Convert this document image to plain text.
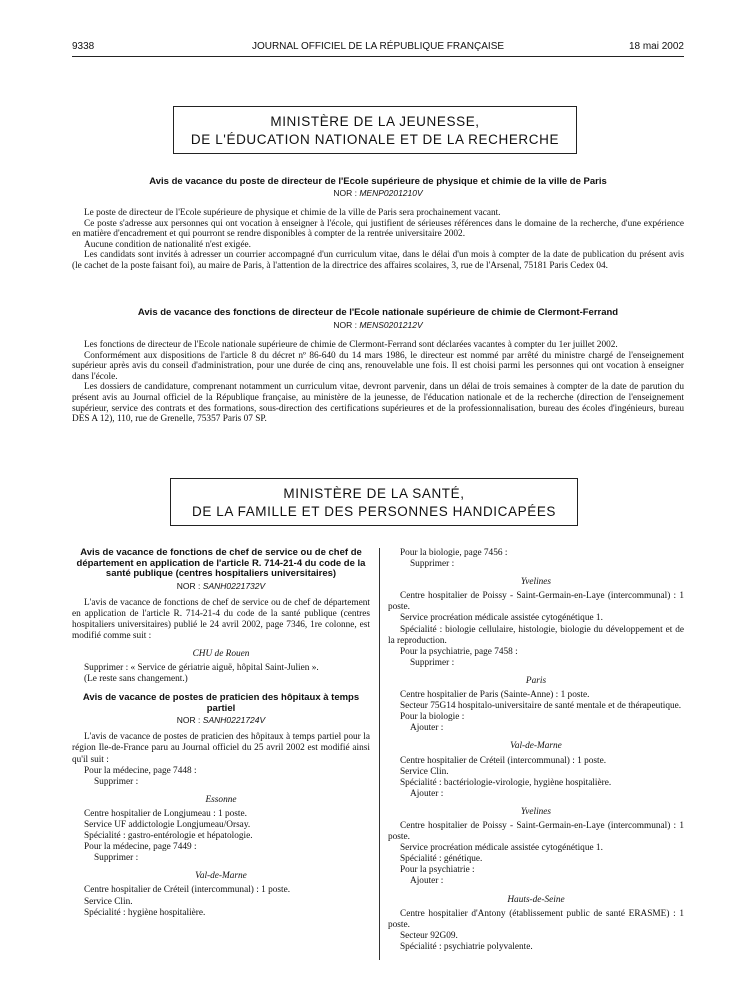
9338	JOURNAL OFFICIEL DE LA RÉPUBLIQUE FRANÇAISE	18 mai 2002
MINISTÈRE DE LA JEUNESSE,
DE L'ÉDUCATION NATIONALE ET DE LA RECHERCHE
Avis de vacance du poste de directeur de l'Ecole supérieure de physique et chimie de la ville de Paris
NOR : MENP0201210V

Le poste de directeur de l'Ecole supérieure de physique et chimie de la ville de Paris sera prochainement vacant.

Ce poste s'adresse aux personnes qui ont vocation à enseigner à l'école, qui justifient de sérieuses références dans le domaine de la recherche, d'une expérience en matière d'encadrement et qui pourront se rendre disponibles à compter de la rentrée universitaire 2002.

Aucune condition de nationalité n'est exigée.

Les candidats sont invités à adresser un courrier accompagné d'un curriculum vitae, dans le délai d'un mois à compter de la date de publication du présent avis (le cachet de la poste faisant foi), au maire de Paris, à l'attention de la directrice des affaires scolaires, 3, rue de l'Arsenal, 75181 Paris Cedex 04.

Avis de vacance des fonctions de directeur de l'Ecole nationale supérieure de chimie de Clermont-Ferrand
NOR : MENS0201212V

Les fonctions de directeur de l'Ecole nationale supérieure de chimie de Clermont-Ferrand sont déclarées vacantes à compter du 1er juillet 2002.

Conformément aux dispositions de l'article 8 du décret nº 86-640 du 14 mars 1986, le directeur est nommé par arrêté du ministre chargé de l'enseignement supérieur après avis du conseil d'administration, pour une durée de cinq ans, renouvelable une fois. Il est choisi parmi les personnes qui ont vocation à enseigner dans l'école.

Les dossiers de candidature, comprenant notamment un curriculum vitae, devront parvenir, dans un délai de trois semaines à compter de la date de parution du présent avis au Journal officiel de la République française, au ministère de la jeunesse, de l'éducation nationale et de la recherche (direction de l'enseignement supérieur, service des contrats et des formations, sous-direction des certifications supérieures et de la professionnalisation, bureau des écoles d'ingénieurs, bureau DES A 12), 110, rue de Grenelle, 75357 Paris 07 SP.

MINISTÈRE DE LA SANTÉ,
DE LA FAMILLE ET DES PERSONNES HANDICAPÉES
Avis de vacance de fonctions de chef de service ou de chef de département en application de l'article R. 714-21-4 du code de la santé publique (centres hospitaliers universitaires)
NOR : SANH0221732V

L'avis de vacance de fonctions de chef de service ou de chef de département en application de l'article R. 714-21-4 du code de la santé publique (centres hospitaliers universitaires) publié le 24 avril 2002, page 7346, 1re colonne, est modifié comme suit :

CHU de Rouen

Supprimer : « Service de gériatrie aiguë, hôpital Saint-Julien ».

(Le reste sans changement.)

Avis de vacance de postes de praticien des hôpitaux à temps partiel
NOR : SANH0221724V

L'avis de vacance de postes de praticien des hôpitaux à temps partiel pour la région Ile-de-France paru au Journal officiel du 25 avril 2002 est modifié ainsi qu'il suit :

Pour la médecine, page 7448 :

Supprimer :

Essonne

Centre hospitalier de Longjumeau : 1 poste.

Service UF addictologie Longjumeau/Orsay.

Spécialité : gastro-entérologie et hépatologie.

Pour la médecine, page 7449 :

Supprimer :

Val-de-Marne

Centre hospitalier de Créteil (intercommunal) : 1 poste.

Service Clin.

Spécialité : hygiène hospitalière.

Pour la biologie, page 7456 :

Supprimer :

Yvelines

Centre hospitalier de Poissy - Saint-Germain-en-Laye (intercommunal) : 1 poste.

Service procréation médicale assistée cytogénétique 1.

Spécialité : biologie cellulaire, histologie, biologie du développement et de la reproduction.

Pour la psychiatrie, page 7458 :

Supprimer :

Paris

Centre hospitalier de Paris (Sainte-Anne) : 1 poste.

Secteur 75G14 hospitalo-universitaire de santé mentale et de thérapeutique.

Pour la biologie :

Ajouter :

Val-de-Marne

Centre hospitalier de Créteil (intercommunal) : 1 poste.

Service Clin.

Spécialité : bactériologie-virologie, hygiène hospitalière.

Ajouter :

Yvelines

Centre hospitalier de Poissy - Saint-Germain-en-Laye (intercommunal) : 1 poste.

Service procréation médicale assistée cytogénétique 1.

Spécialité : génétique.

Pour la psychiatrie :

Ajouter :

Hauts-de-Seine

Centre hospitalier d'Antony (établissement public de santé ERASME) : 1 poste.

Secteur 92G09.

Spécialité : psychiatrie polyvalente.
